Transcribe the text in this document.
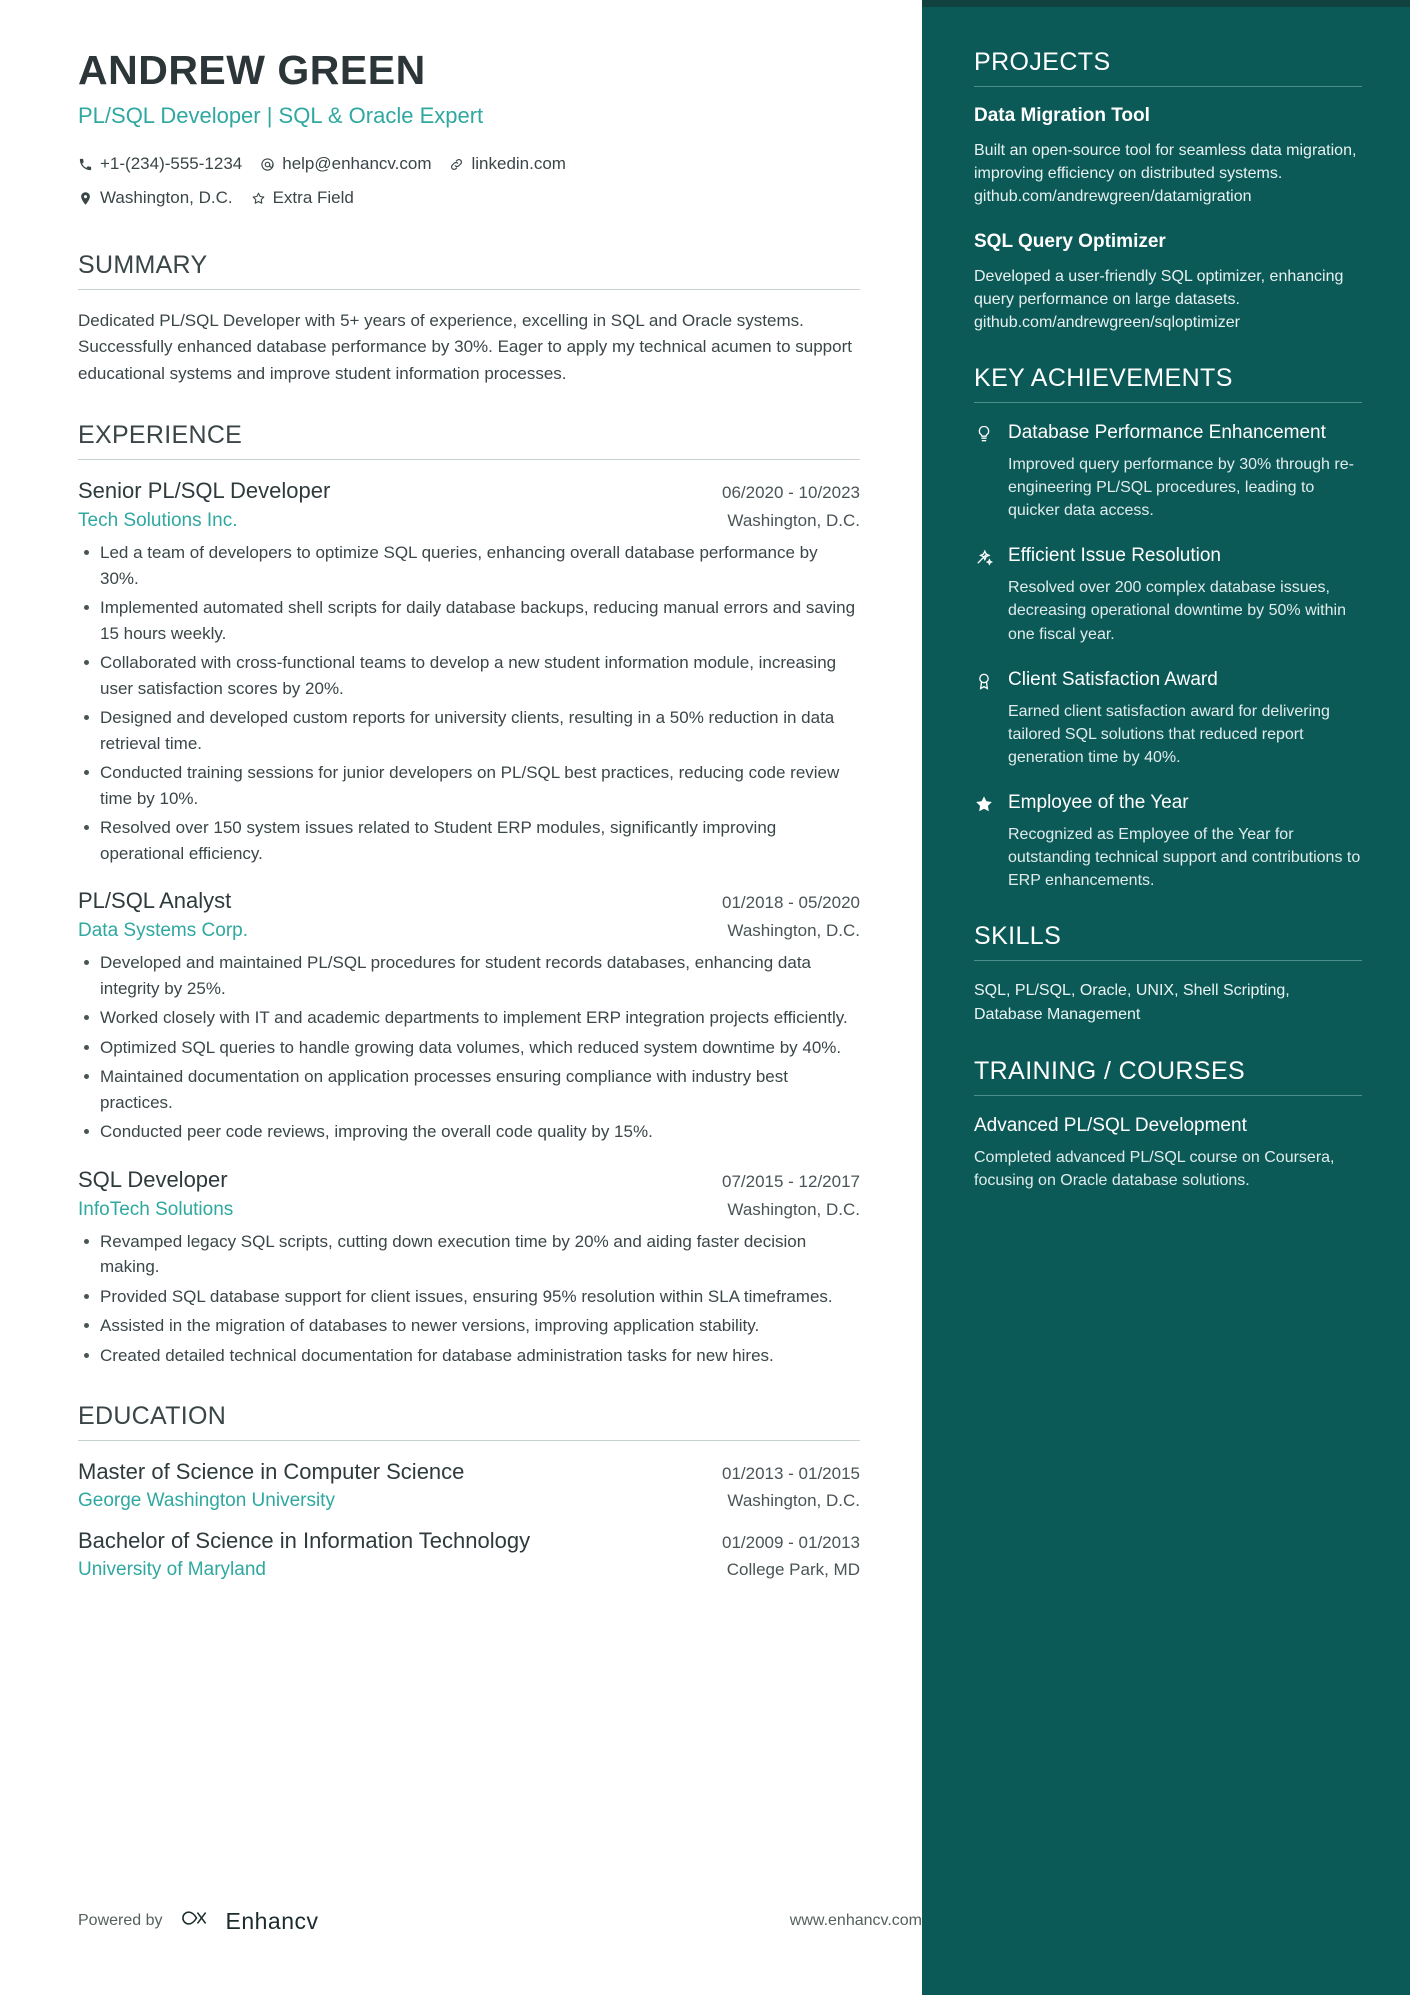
ANDREW GREEN
PL/SQL Developer | SQL & Oracle Expert
+1-(234)-555-1234 help@enhancv.com linkedin.com
Washington, D.C. Extra Field
SUMMARY
Dedicated PL/SQL Developer with 5+ years of experience, excelling in SQL and Oracle systems. Successfully enhanced database performance by 30%. Eager to apply my technical acumen to support educational systems and improve student information processes.
EXPERIENCE
Senior PL/SQL Developer	06/2020 - 10/2023
Tech Solutions Inc.	Washington, D.C.
Led a team of developers to optimize SQL queries, enhancing overall database performance by 30%.
Implemented automated shell scripts for daily database backups, reducing manual errors and saving 15 hours weekly.
Collaborated with cross-functional teams to develop a new student information module, increasing user satisfaction scores by 20%.
Designed and developed custom reports for university clients, resulting in a 50% reduction in data retrieval time.
Conducted training sessions for junior developers on PL/SQL best practices, reducing code review time by 10%.
Resolved over 150 system issues related to Student ERP modules, significantly improving operational efficiency.
PL/SQL Analyst	01/2018 - 05/2020
Data Systems Corp.	Washington, D.C.
Developed and maintained PL/SQL procedures for student records databases, enhancing data integrity by 25%.
Worked closely with IT and academic departments to implement ERP integration projects efficiently.
Optimized SQL queries to handle growing data volumes, which reduced system downtime by 40%.
Maintained documentation on application processes ensuring compliance with industry best practices.
Conducted peer code reviews, improving the overall code quality by 15%.
SQL Developer	07/2015 - 12/2017
InfoTech Solutions	Washington, D.C.
Revamped legacy SQL scripts, cutting down execution time by 20% and aiding faster decision making.
Provided SQL database support for client issues, ensuring 95% resolution within SLA timeframes.
Assisted in the migration of databases to newer versions, improving application stability.
Created detailed technical documentation for database administration tasks for new hires.
EDUCATION
Master of Science in Computer Science	01/2013 - 01/2015
George Washington University	Washington, D.C.
Bachelor of Science in Information Technology	01/2009 - 01/2013
University of Maryland	College Park, MD
PROJECTS
Data Migration Tool
Built an open-source tool for seamless data migration, improving efficiency on distributed systems. github.com/andrewgreen/datamigration
SQL Query Optimizer
Developed a user-friendly SQL optimizer, enhancing query performance on large datasets. github.com/andrewgreen/sqloptimizer
KEY ACHIEVEMENTS
Database Performance Enhancement
Improved query performance by 30% through re-engineering PL/SQL procedures, leading to quicker data access.
Efficient Issue Resolution
Resolved over 200 complex database issues, decreasing operational downtime by 50% within one fiscal year.
Client Satisfaction Award
Earned client satisfaction award for delivering tailored SQL solutions that reduced report generation time by 40%.
Employee of the Year
Recognized as Employee of the Year for outstanding technical support and contributions to ERP enhancements.
SKILLS
SQL, PL/SQL, Oracle, UNIX, Shell Scripting, Database Management
TRAINING / COURSES
Advanced PL/SQL Development
Completed advanced PL/SQL course on Coursera, focusing on Oracle database solutions.
Powered by	Enhancv	www.enhancv.com
